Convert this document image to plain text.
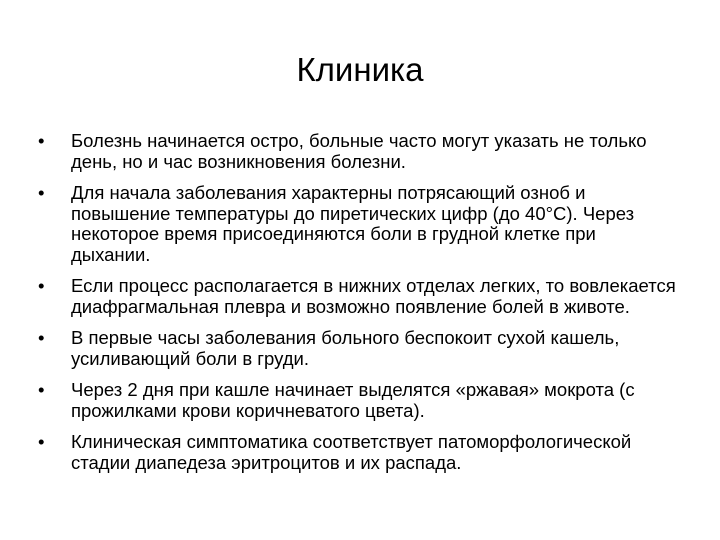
Клиника
•	Болезнь начинается остро, больные часто могут указать не только день, но и час возникновения болезни.
•	Для начала заболевания характерны потрясающий озноб и повышение температуры до пиретических цифр (до 40°С). Через некоторое время присоединяются боли в грудной клетке при дыхании.
•	Если процесс располагается в нижних отделах легких, то вовлекается диафрагмальная плевра и возможно появление болей в животе.
•	В первые часы заболевания больного беспокоит сухой кашель, усиливающий боли в груди.
•	Через 2 дня при кашле начинает выделятся «ржавая» мокрота (с прожилками крови коричневатого цвета).
•	Клиническая симптоматика соответствует патоморфологической стадии диапедеза эритроцитов и их распада.
